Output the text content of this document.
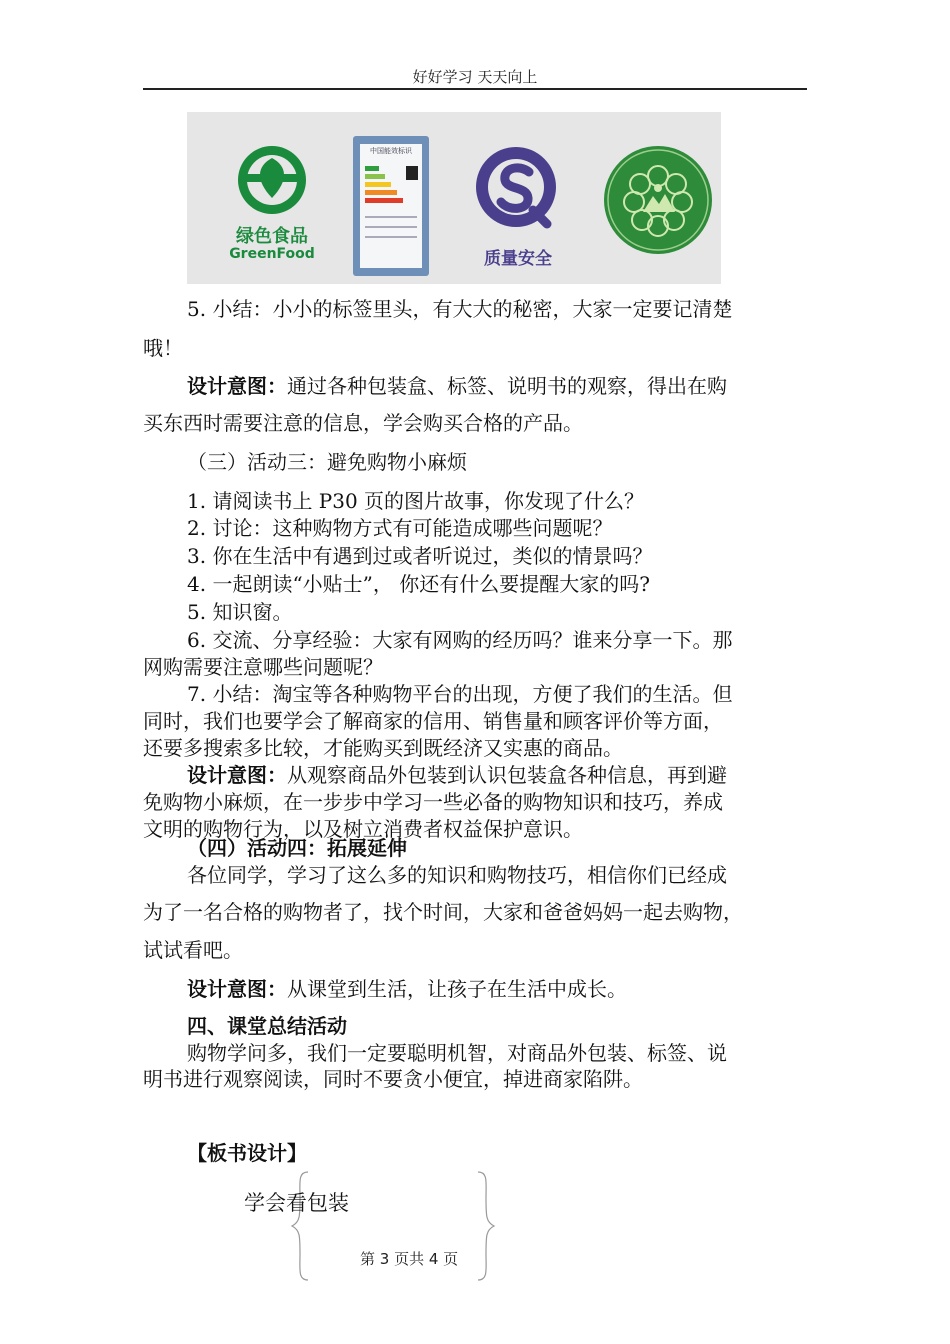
好好学习 天天向上
绿色食品
GreenFood
中国能效标识
质量安全
5. 小结：小小的标签里头，有大大的秘密，大家一定要记清楚
哦！
设计意图：通过各种包装盒、标签、说明书的观察，得出在购
买东西时需要注意的信息，学会购买合格的产品。
（三）活动三：避免购物小麻烦
1. 请阅读书上 P30 页的图片故事，你发现了什么？
2. 讨论：这种购物方式有可能造成哪些问题呢？
3. 你在生活中有遇到过或者听说过，类似的情景吗？
4. 一起朗读“小贴士”， 你还有什么要提醒大家的吗?
5. 知识窗。
6. 交流、分享经验：大家有网购的经历吗？谁来分享一下。那
网购需要注意哪些问题呢？
7. 小结：淘宝等各种购物平台的出现，方便了我们的生活。但
同时，我们也要学会了解商家的信用、销售量和顾客评价等方面，
还要多搜索多比较，才能购买到既经济又实惠的商品。
设计意图：从观察商品外包装到认识包装盒各种信息，再到避
免购物小麻烦，在一步步中学习一些必备的购物知识和技巧，养成
文明的购物行为，以及树立消费者权益保护意识。
（四）活动四：拓展延伸
各位同学，学习了这么多的知识和购物技巧，相信你们已经成
为了一名合格的购物者了，找个时间，大家和爸爸妈妈一起去购物，
试试看吧。
设计意图：从课堂到生活，让孩子在生活中成长。
四、课堂总结活动
购物学问多，我们一定要聪明机智，对商品外包装、标签、说
明书进行观察阅读，同时不要贪小便宜，掉进商家陷阱。
【板书设计】
学会看包装
第 3 页共 4 页
